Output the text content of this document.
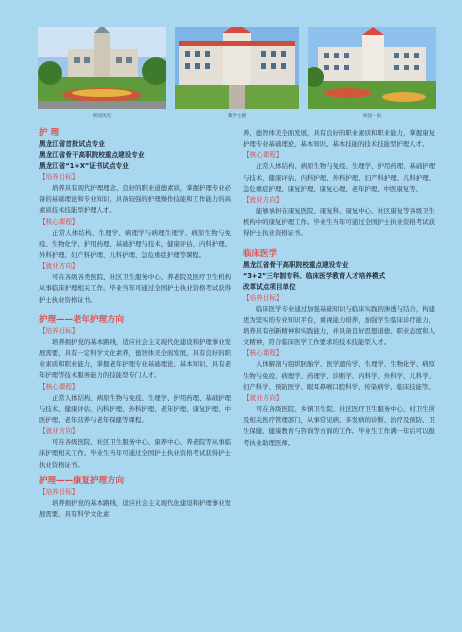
校园风光	教学主楼	校园一角
护 理
黑龙江省首批试点专业
黑龙江省骨干高职院校重点建设专业
黑龙江省“1+X”证书试点专业
【培养目标】

培养具有现代护理理念、良好的职业道德素质，掌握护理专业必备的基础理论和专业知识，具备较强的护理操作技能和工作能力的高素质技术技能型护理人才。

【核心课程】

正常人体结构、生理学、病理学与病理生理学、病原生物与免疫、生物化学、护用药理、基础护理与技术、健康评估、内科护理、外科护理、妇产科护理、儿科护理、急危重症护理等课程。

【就业方向】

可在各级各类医院、社区卫生服务中心、养老院及医疗卫生机构从事临床护理相关工作。毕业当年可通过全国护士执业资格考试获得护士执业资格证书。

护理——老年护理方向
【培养目标】

培养拥护党的基本路线，适应社会主义现代化建设和护理事业发展需要，具有一定科学文化素养，德智体美全面发展，具有良好的职业素质和职业能力，掌握老年护理专业基础理论、基本知识、具有老年护理等技术服务能力的技能型专门人才。

【核心课程】

正常人体结构、病原生物与免疫、生理学、护用药理、基础护理与技术、健康评估、内科护理、外科护理、老年护理、康复护理、中医护理、老年营养与老年保健等课程。

【就业方向】

可在各级医院、社区卫生服务中心、康养中心、养老院等从事临床护理相关工作。毕业生当年可通过全国护士执业资格考试获得护士执业资格证书。

护理——康复护理方向
【培养目标】

培养拥护党的基本路线，适应社会主义现代化建设和护理事业发展需要，具有科学文化素

养，德智体美全面发展，具有良好的职业素质和职业能力，掌握康复护理专业基础理论、基本知识、基本技能的技术技能型护理人才。

【核心课程】

正常人体结构、病原生物与免疫、生理学、护用药理、基础护理与技术、健康评估、内科护理、外科护理、妇产科护理、儿科护理、急危重症护理、康复护理、康复心理、老年护理、中医康复等。

【就业方向】

能够承担在康复医院、康复科、康复中心、社区康复等各级卫生机构中的康复护理工作。毕业生当年可通过全国护士执业资格考试获得护士执业资格证书。

临床医学
黑龙江省骨干高职院校重点建设专业
“3+2”三年制专科、临床医学教育人才培养模式
改革试点项目单位
【培养目标】

临床医学专业通过加强基础知识与临床实践的渗透与结合，构建更为坚实的专业知识平台，重视能力培养，加强学生临床诊疗能力，培养具有创新精神和实践能力，并具备良好思想道德、职业态度和人文精神，符合临床医学工作要求的技术技能型人才。

【核心课程】

人体解剖与组织胚胎学、医学遗传学、生理学、生物化学、病原生物与免疫、病理学、药理学、诊断学、内科学、外科学、儿科学、妇产科学、预防医学、眼耳鼻喉口腔科学、传染病学、临床技能等。

【就业方向】

可在各级医院、乡镇卫生院、社区医疗卫生服务中心、村卫生所及相关医疗管理部门，从事常见病、多发病的诊断、治疗及预防、卫生保健、健康教育与咨询等方面的工作。毕业生工作满一年后可以报考执业助理医师。
